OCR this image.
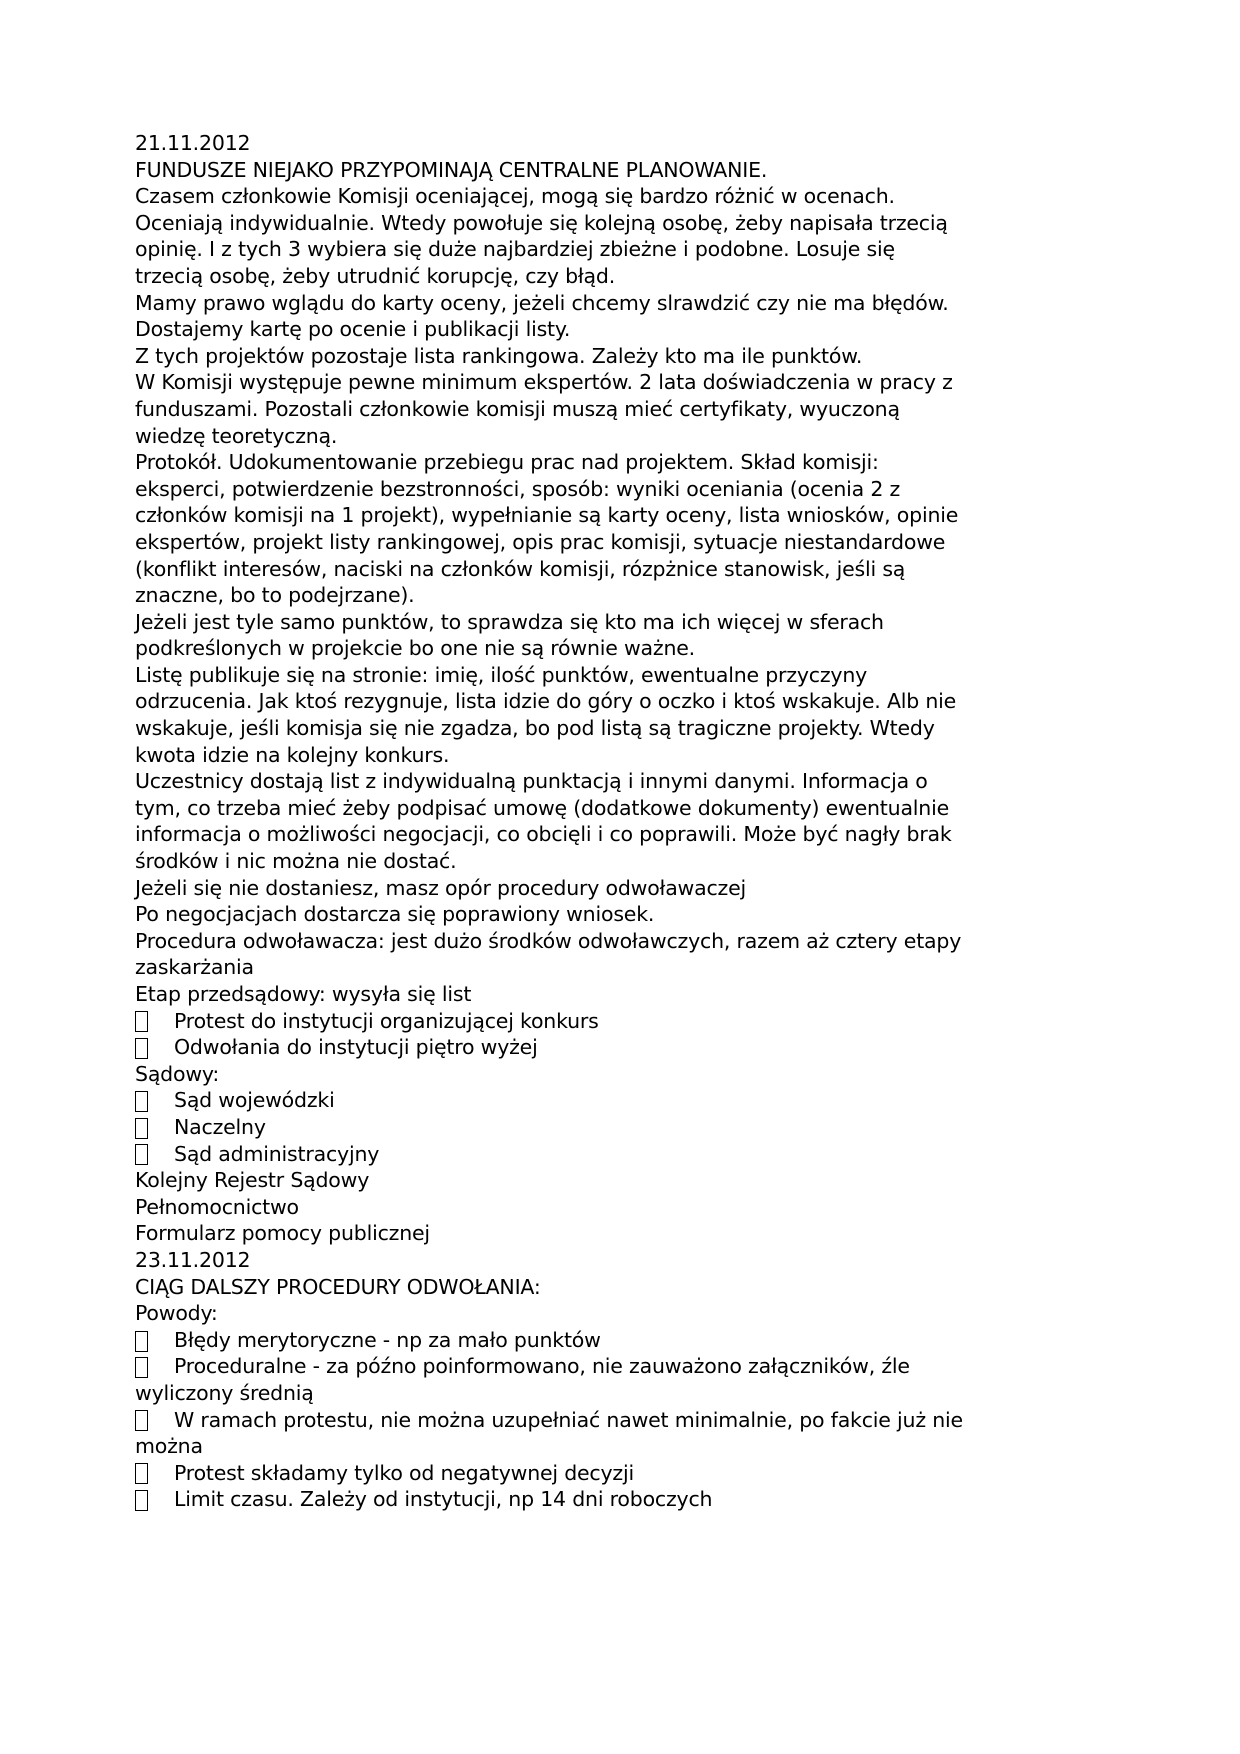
21.11.2012
FUNDUSZE NIEJAKO PRZYPOMINAJĄ CENTRALNE PLANOWANIE.
Czasem członkowie Komisji oceniającej, mogą się bardzo różnić w ocenach.
Oceniają indywidualnie. Wtedy powołuje się kolejną osobę, żeby napisała trzecią
opinię. I z tych 3 wybiera się duże najbardziej zbieżne i podobne. Losuje się
trzecią osobę, żeby utrudnić korupcję, czy błąd.
Mamy prawo wglądu do karty oceny, jeżeli chcemy slrawdzić czy nie ma błędów.
Dostajemy kartę po ocenie i publikacji listy.
Z tych projektów pozostaje lista rankingowa. Zależy kto ma ile punktów.
W Komisji występuje pewne minimum ekspertów. 2 lata doświadczenia w pracy z
funduszami. Pozostali członkowie komisji muszą mieć certyfikaty, wyuczoną
wiedzę teoretyczną.
Protokół. Udokumentowanie przebiegu prac nad projektem. Skład komisji:
eksperci, potwierdzenie bezstronności, sposób: wyniki oceniania (ocenia 2 z
członków komisji na 1 projekt), wypełnianie są karty oceny, lista wniosków, opinie
ekspertów, projekt listy rankingowej, opis prac komisji, sytuacje niestandardowe
(konflikt interesów, naciski na członków komisji, rózpżnice stanowisk, jeśli są
znaczne, bo to podejrzane).
Jeżeli jest tyle samo punktów, to sprawdza się kto ma ich więcej w sferach
podkreślonych w projekcie bo one nie są równie ważne.
Listę publikuje się na stronie: imię, ilość punktów, ewentualne przyczyny
odrzucenia. Jak ktoś rezygnuje, lista idzie do góry o oczko i ktoś wskakuje. Alb nie
wskakuje, jeśli komisja się nie zgadza, bo pod listą są tragiczne projekty. Wtedy
kwota idzie na kolejny konkurs.
Uczestnicy dostają list z indywidualną punktacją i innymi danymi. Informacja o
tym, co trzeba mieć żeby podpisać umowę (dodatkowe dokumenty) ewentualnie
informacja o możliwości negocjacji, co obcięli i co poprawili. Może być nagły brak
środków i nic można nie dostać.
Jeżeli się nie dostaniesz, masz opór procedury odwoławaczej
Po negocjacjach dostarcza się poprawiony wniosek.
Procedura odwoławacza: jest dużo środków odwoławczych, razem aż cztery etapy
zaskarżania
Etap przedsądowy: wysyła się list
Protest do instytucji organizującej konkurs
Odwołania do instytucji piętro wyżej
Sądowy:
Sąd wojewódzki
Naczelny
Sąd administracyjny
Kolejny Rejestr Sądowy
Pełnomocnictwo
Formularz pomocy publicznej
23.11.2012
CIĄG DALSZY PROCEDURY ODWOŁANIA:
Powody:
Błędy merytoryczne - np za mało punktów
Proceduralne - za późno poinformowano, nie zauważono załączników, źle
wyliczony średnią
W ramach protestu, nie można uzupełniać nawet minimalnie, po fakcie już nie
można
Protest składamy tylko od negatywnej decyzji
Limit czasu. Zależy od instytucji, np 14 dni roboczych
